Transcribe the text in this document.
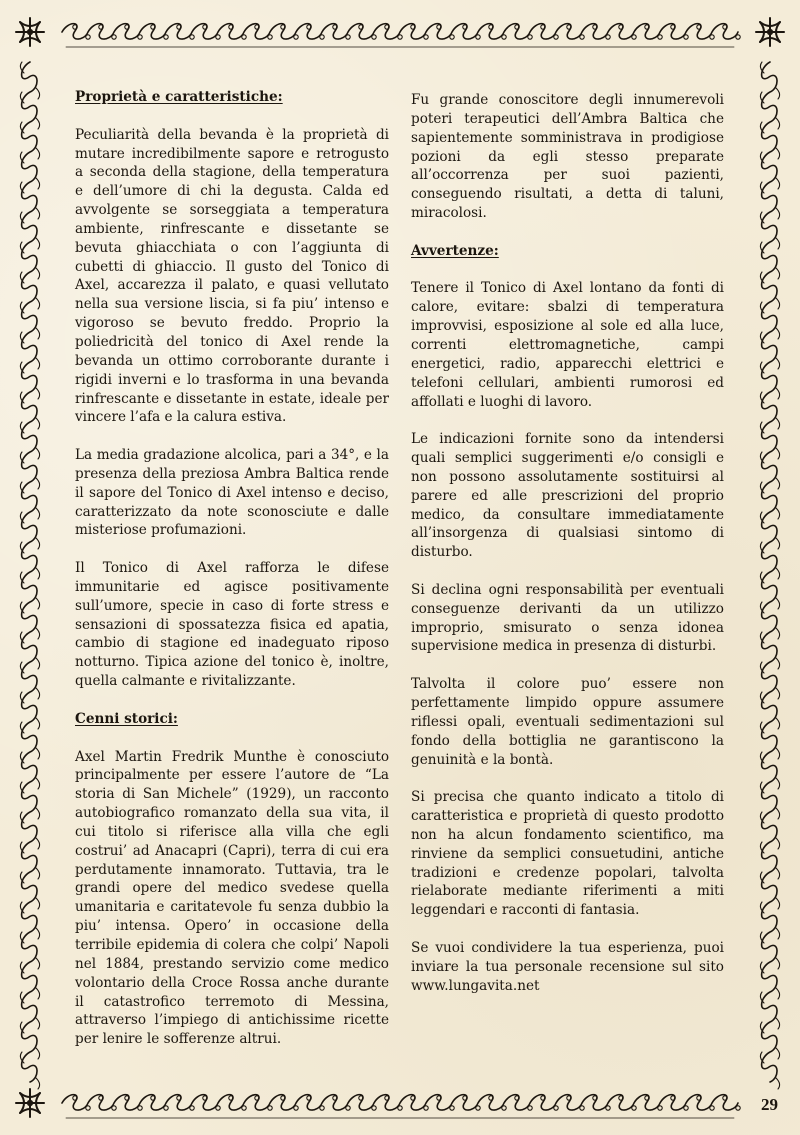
Proprietà e caratteristiche:

Peculiarità della bevanda è la proprietà di mutare incredibilmente sapore e retrogusto a seconda della stagione, della temperatura e dell’umore di chi la degusta. Calda ed avvolgente se sorseggiata a temperatura ambiente, rinfrescante e dissetante se bevuta ghiacchiata o con l’aggiunta di cubetti di ghiaccio. Il gusto del Tonico di Axel, accarezza il palato, e quasi vellutato nella sua versione liscia, si fa piu’ intenso e vigoroso se bevuto freddo. Proprio la poliedricità del tonico di Axel rende la bevanda un ottimo corroborante durante i rigidi inverni e lo trasforma in una bevanda rinfrescante e dissetante in estate, ideale per vincere l’afa e la calura estiva.

La media gradazione alcolica, pari a 34°, e la presenza della preziosa Ambra Baltica rende il sapore del Tonico di Axel intenso e deciso, caratterizzato da note sconosciute e dalle misteriose profumazioni.

Il Tonico di Axel rafforza le difese immunitarie ed agisce positivamente sull’umore, specie in caso di forte stress e sensazioni di spossatezza fisica ed apatia, cambio di stagione ed inadeguato riposo notturno. Tipica azione del tonico è, inoltre, quella calmante e rivitalizzante.

Cenni storici:

Axel Martin Fredrik Munthe è conosciuto principalmente per essere l’autore de “La storia di San Michele” (1929), un racconto autobiografico romanzato della sua vita, il cui titolo si riferisce alla villa che egli costrui’ ad Anacapri (Capri), terra di cui era perdutamente innamorato. Tuttavia, tra le grandi opere del medico svedese quella umanitaria e caritatevole fu senza dubbio la piu’ intensa. Opero’ in occasione della terribile epidemia di colera che colpi’ Napoli nel 1884, prestando servizio come medico volontario della Croce Rossa anche durante il catastrofico terremoto di Messina, attraverso l’impiego di antichissime ricette per lenire le sofferenze altrui.

Fu grande conoscitore degli innumerevoli poteri terapeutici dell’Ambra Baltica che sapientemente somministrava in prodigiose pozioni da egli stesso preparate all’occorrenza per suoi pazienti, conseguendo risultati, a detta di taluni, miracolosi.

Avvertenze:

Tenere il Tonico di Axel lontano da fonti di calore, evitare: sbalzi di temperatura improvvisi, esposizione al sole ed alla luce, correnti elettromagnetiche, campi energetici, radio, apparecchi elettrici e telefoni cellulari, ambienti rumorosi ed affollati e luoghi di lavoro.

Le indicazioni fornite sono da intendersi quali semplici suggerimenti e/o consigli e non possono assolutamente sostituirsi al parere ed alle prescrizioni del proprio medico, da consultare immediatamente all’insorgenza di qualsiasi sintomo di disturbo.

Si declina ogni responsabilità per eventuali conseguenze derivanti da un utilizzo improprio, smisurato o senza idonea supervisione medica in presenza di disturbi.

Talvolta il colore puo’ essere non perfettamente limpido oppure assumere riflessi opali, eventuali sedimentazioni sul fondo della bottiglia ne garantiscono la genuinità e la bontà.

Si precisa che quanto indicato a titolo di caratteristica e proprietà di questo prodotto non ha alcun fondamento scientifico, ma rinviene da semplici consuetudini, antiche tradizioni e credenze popolari, talvolta rielaborate mediante riferimenti a miti leggendari e racconti di fantasia.

Se vuoi condividere la tua esperienza, puoi inviare la tua personale recensione sul sito www.lungavita.net

29
